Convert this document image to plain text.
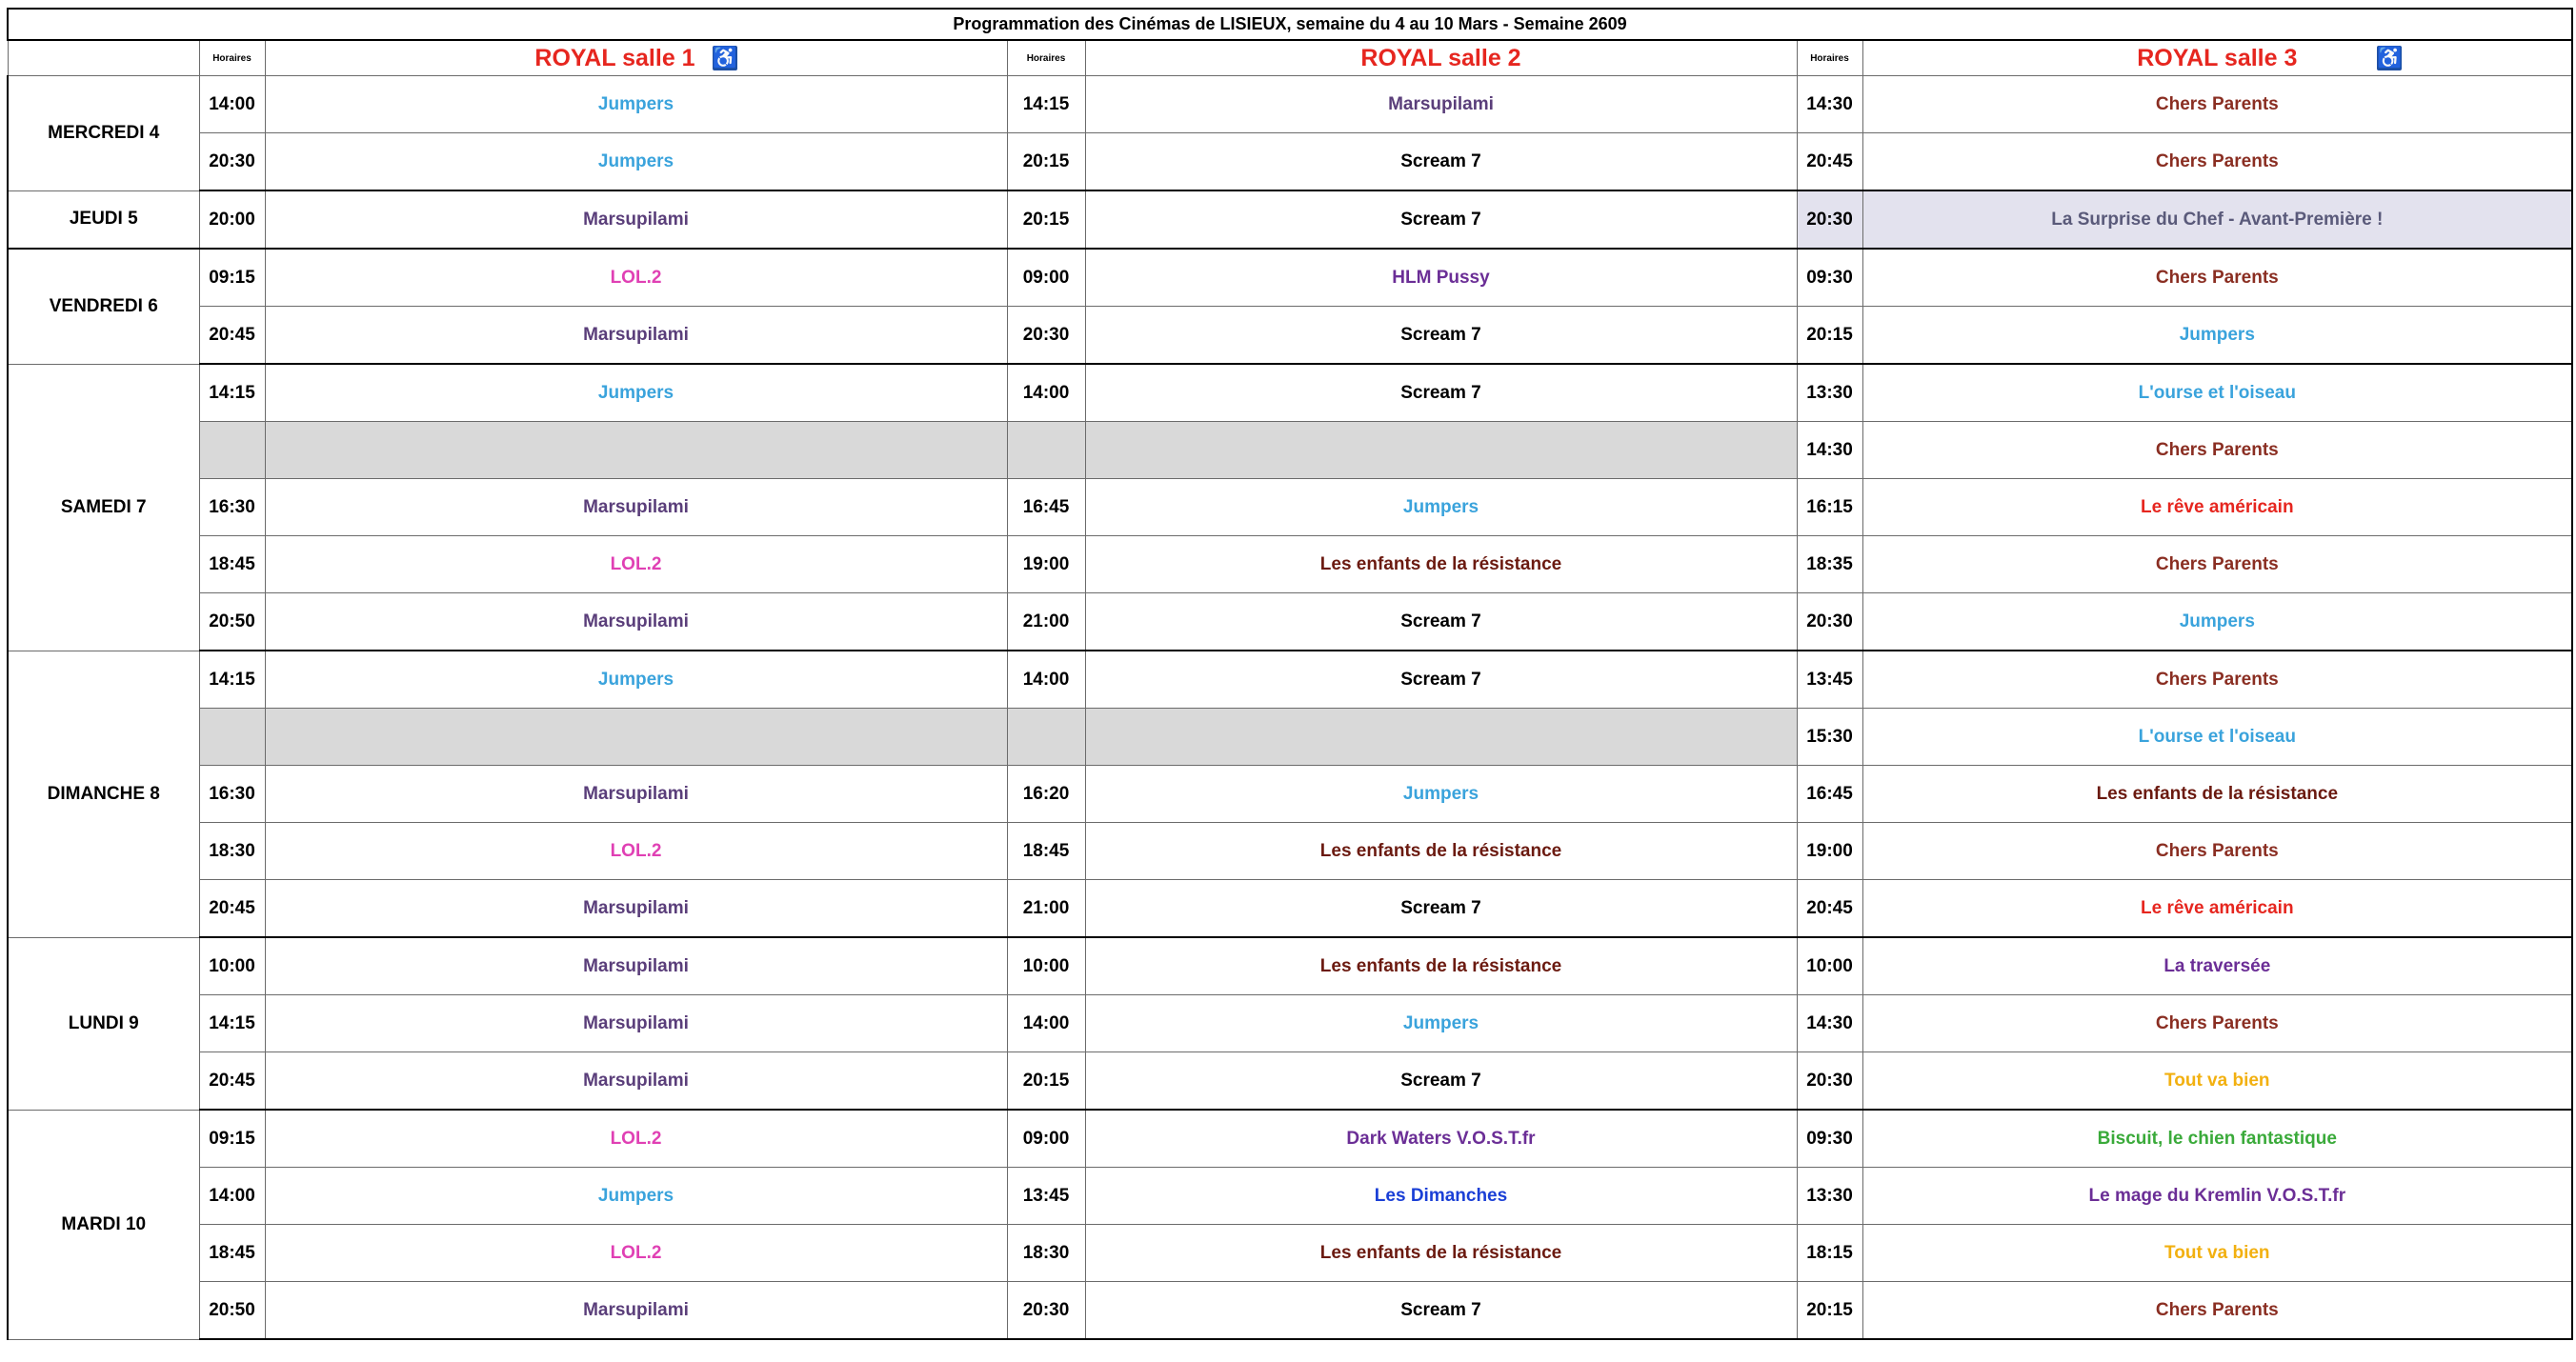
Programmation des Cinémas de LISIEUX, semaine du 4 au 10 Mars - Semaine 2609						
	Horaires	ROYAL salle 1 ♿	Horaires	ROYAL salle 2	Horaires	ROYAL salle 3 ♿

MERCREDI 4	14:00	Jumpers	14:15	Marsupilami	14:30	Chers Parents
	20:30	Jumpers	20:15	Scream 7	20:45	Chers Parents
JEUDI 5	20:00	Marsupilami	20:15	Scream 7	20:30	La Surprise du Chef - Avant-Première !
VENDREDI 6	09:15	LOL.2	09:00	HLM Pussy	09:30	Chers Parents
	20:45	Marsupilami	20:30	Scream 7	20:15	Jumpers
SAMEDI 7	14:15	Jumpers	14:00	Scream 7	13:30	L'ourse et l'oiseau
					14:30	Chers Parents
	16:30	Marsupilami	16:45	Jumpers	16:15	Le rêve américain
	18:45	LOL.2	19:00	Les enfants de la résistance	18:35	Chers Parents
	20:50	Marsupilami	21:00	Scream 7	20:30	Jumpers
DIMANCHE 8	14:15	Jumpers	14:00	Scream 7	13:45	Chers Parents
					15:30	L'ourse et l'oiseau
	16:30	Marsupilami	16:20	Jumpers	16:45	Les enfants de la résistance
	18:30	LOL.2	18:45	Les enfants de la résistance	19:00	Chers Parents
	20:45	Marsupilami	21:00	Scream 7	20:45	Le rêve américain
LUNDI 9	10:00	Marsupilami	10:00	Les enfants de la résistance	10:00	La traversée
	14:15	Marsupilami	14:00	Jumpers	14:30	Chers Parents
	20:45	Marsupilami	20:15	Scream 7	20:30	Tout va bien
MARDI 10	09:15	LOL.2	09:00	Dark Waters V.O.S.T.fr	09:30	Biscuit, le chien fantastique
	14:00	Jumpers	13:45	Les Dimanches	13:30	Le mage du Kremlin V.O.S.T.fr
	18:45	LOL.2	18:30	Les enfants de la résistance	18:15	Tout va bien
	20:50	Marsupilami	20:30	Scream 7	20:15	Chers Parents
